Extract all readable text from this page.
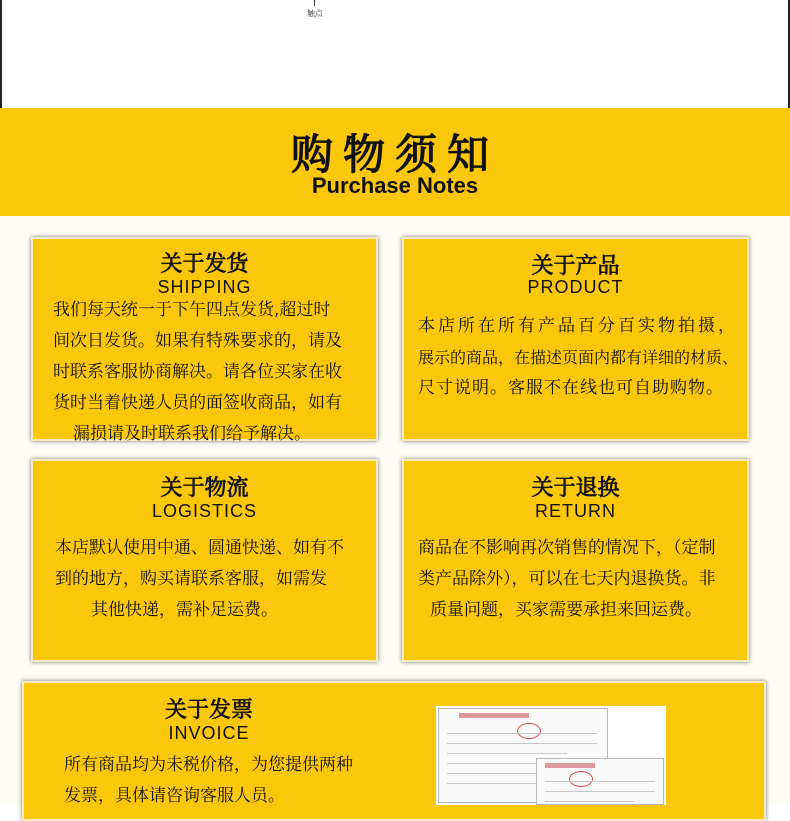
触点
购物须知
Purchase Notes
关于发货
SHIPPING
我们每天统一于下午四点发货,超过时
间次日发货。如果有特殊要求的，请及
时联系客服协商解决。请各位买家在收
货时当着快递人员的面签收商品，如有
漏损请及时联系我们给予解决。
关于产品
PRODUCT
本店所在所有产品百分百实物拍摄，
展示的商品，在描述页面内都有详细的材质、
尺寸说明。客服不在线也可自助购物。
关于物流
LOGISTICS
本店默认使用中通、圆通快递、如有不
到的地方，购买请联系客服，如需发
其他快递，需补足运费。
关于退换
RETURN
商品在不影响再次销售的情况下，（定制
类产品除外），可以在七天内退换货。非
质量问题，买家需要承担来回运费。
关于发票
INVOICE
所有商品均为未税价格，为您提供两种
发票，具体请咨询客服人员。
